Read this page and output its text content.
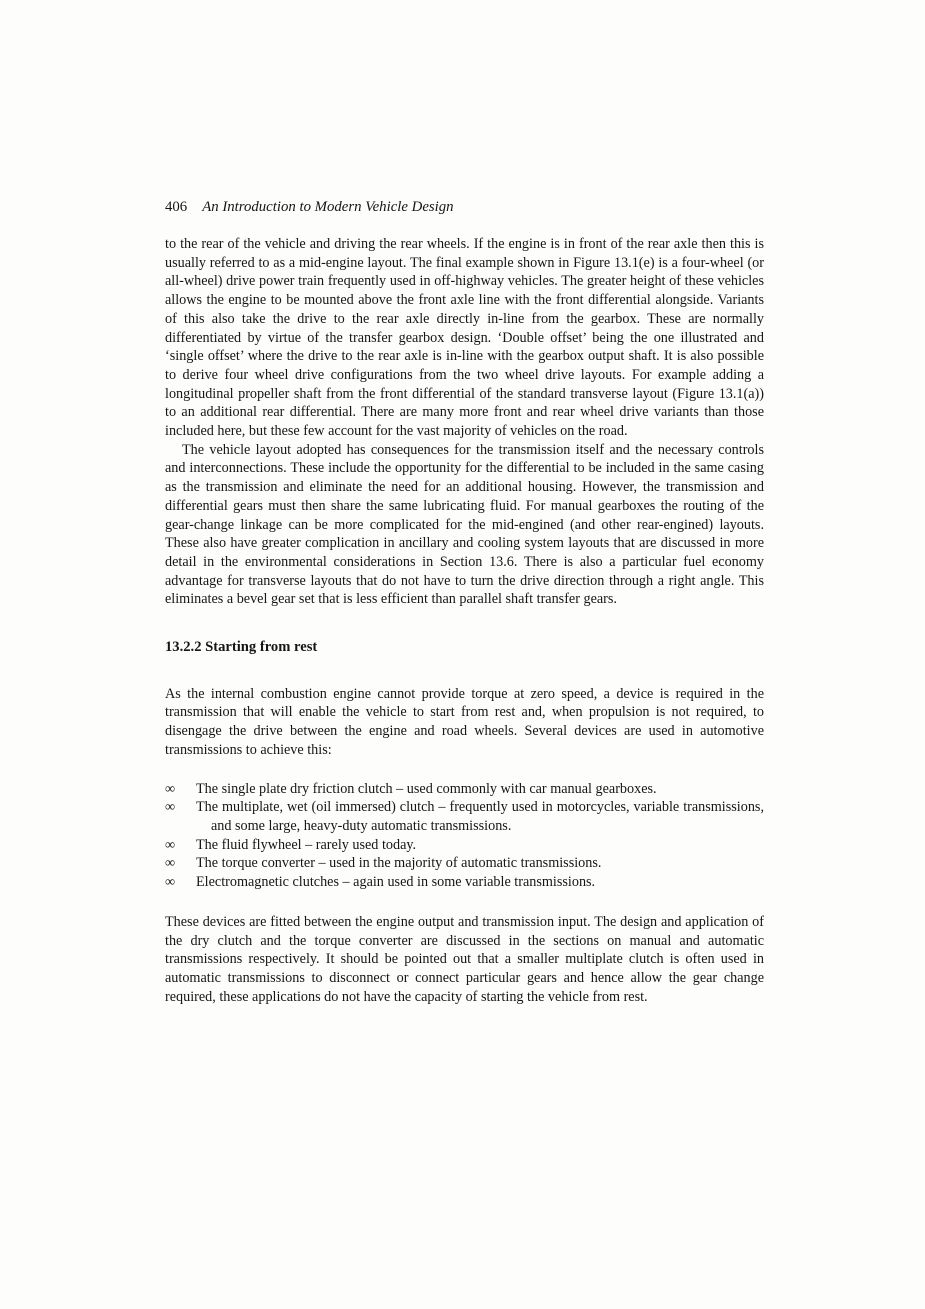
406 An Introduction to Modern Vehicle Design

to the rear of the vehicle and driving the rear wheels. If the engine is in front of the rear axle then this is usually referred to as a mid-engine layout. The final example shown in Figure 13.1(e) is a four-wheel (or all-wheel) drive power train frequently used in off-highway vehicles. The greater height of these vehicles allows the engine to be mounted above the front axle line with the front differential alongside. Variants of this also take the drive to the rear axle directly in-line from the gearbox. These are normally differentiated by virtue of the transfer gearbox design. ‘Double offset’ being the one illustrated and ‘single offset’ where the drive to the rear axle is in-line with the gearbox output shaft. It is also possible to derive four wheel drive configurations from the two wheel drive layouts. For example adding a longitudinal propeller shaft from the front differential of the standard transverse layout (Figure 13.1(a)) to an additional rear differential. There are many more front and rear wheel drive variants than those included here, but these few account for the vast majority of vehicles on the road.

The vehicle layout adopted has consequences for the transmission itself and the necessary controls and interconnections. These include the opportunity for the differential to be included in the same casing as the transmission and eliminate the need for an additional housing. However, the transmission and differential gears must then share the same lubricating fluid. For manual gearboxes the routing of the gear-change linkage can be more complicated for the mid-engined (and other rear-engined) layouts. These also have greater complication in ancillary and cooling system layouts that are discussed in more detail in the environmental considerations in Section 13.6. There is also a particular fuel economy advantage for transverse layouts that do not have to turn the drive direction through a right angle. This eliminates a bevel gear set that is less efficient than parallel shaft transfer gears.

13.2.2 Starting from rest

As the internal combustion engine cannot provide torque at zero speed, a device is required in the transmission that will enable the vehicle to start from rest and, when propulsion is not required, to disengage the drive between the engine and road wheels. Several devices are used in automotive transmissions to achieve this:

∞ The single plate dry friction clutch – used commonly with car manual gearboxes.
∞ The multiplate, wet (oil immersed) clutch – frequently used in motorcycles, variable transmissions, and some large, heavy-duty automatic transmissions.
∞ The fluid flywheel – rarely used today.
∞ The torque converter – used in the majority of automatic transmissions.
∞ Electromagnetic clutches – again used in some variable transmissions.

These devices are fitted between the engine output and transmission input. The design and application of the dry clutch and the torque converter are discussed in the sections on manual and automatic transmissions respectively. It should be pointed out that a smaller multiplate clutch is often used in automatic transmissions to disconnect or connect particular gears and hence allow the gear change required, these applications do not have the capacity of starting the vehicle from rest.
